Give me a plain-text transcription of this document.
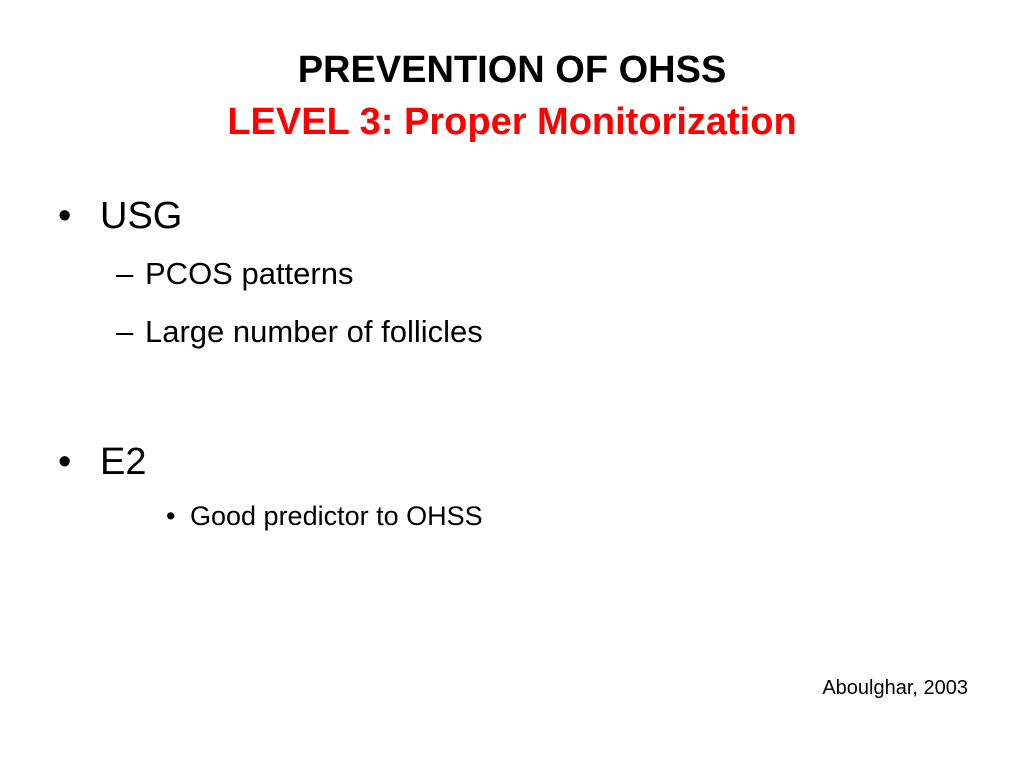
PREVENTION OF OHSS
LEVEL 3: Proper Monitorization
• USG
– PCOS patterns
– Large number of follicles
• E2
• Good predictor to OHSS
Aboulghar, 2003
